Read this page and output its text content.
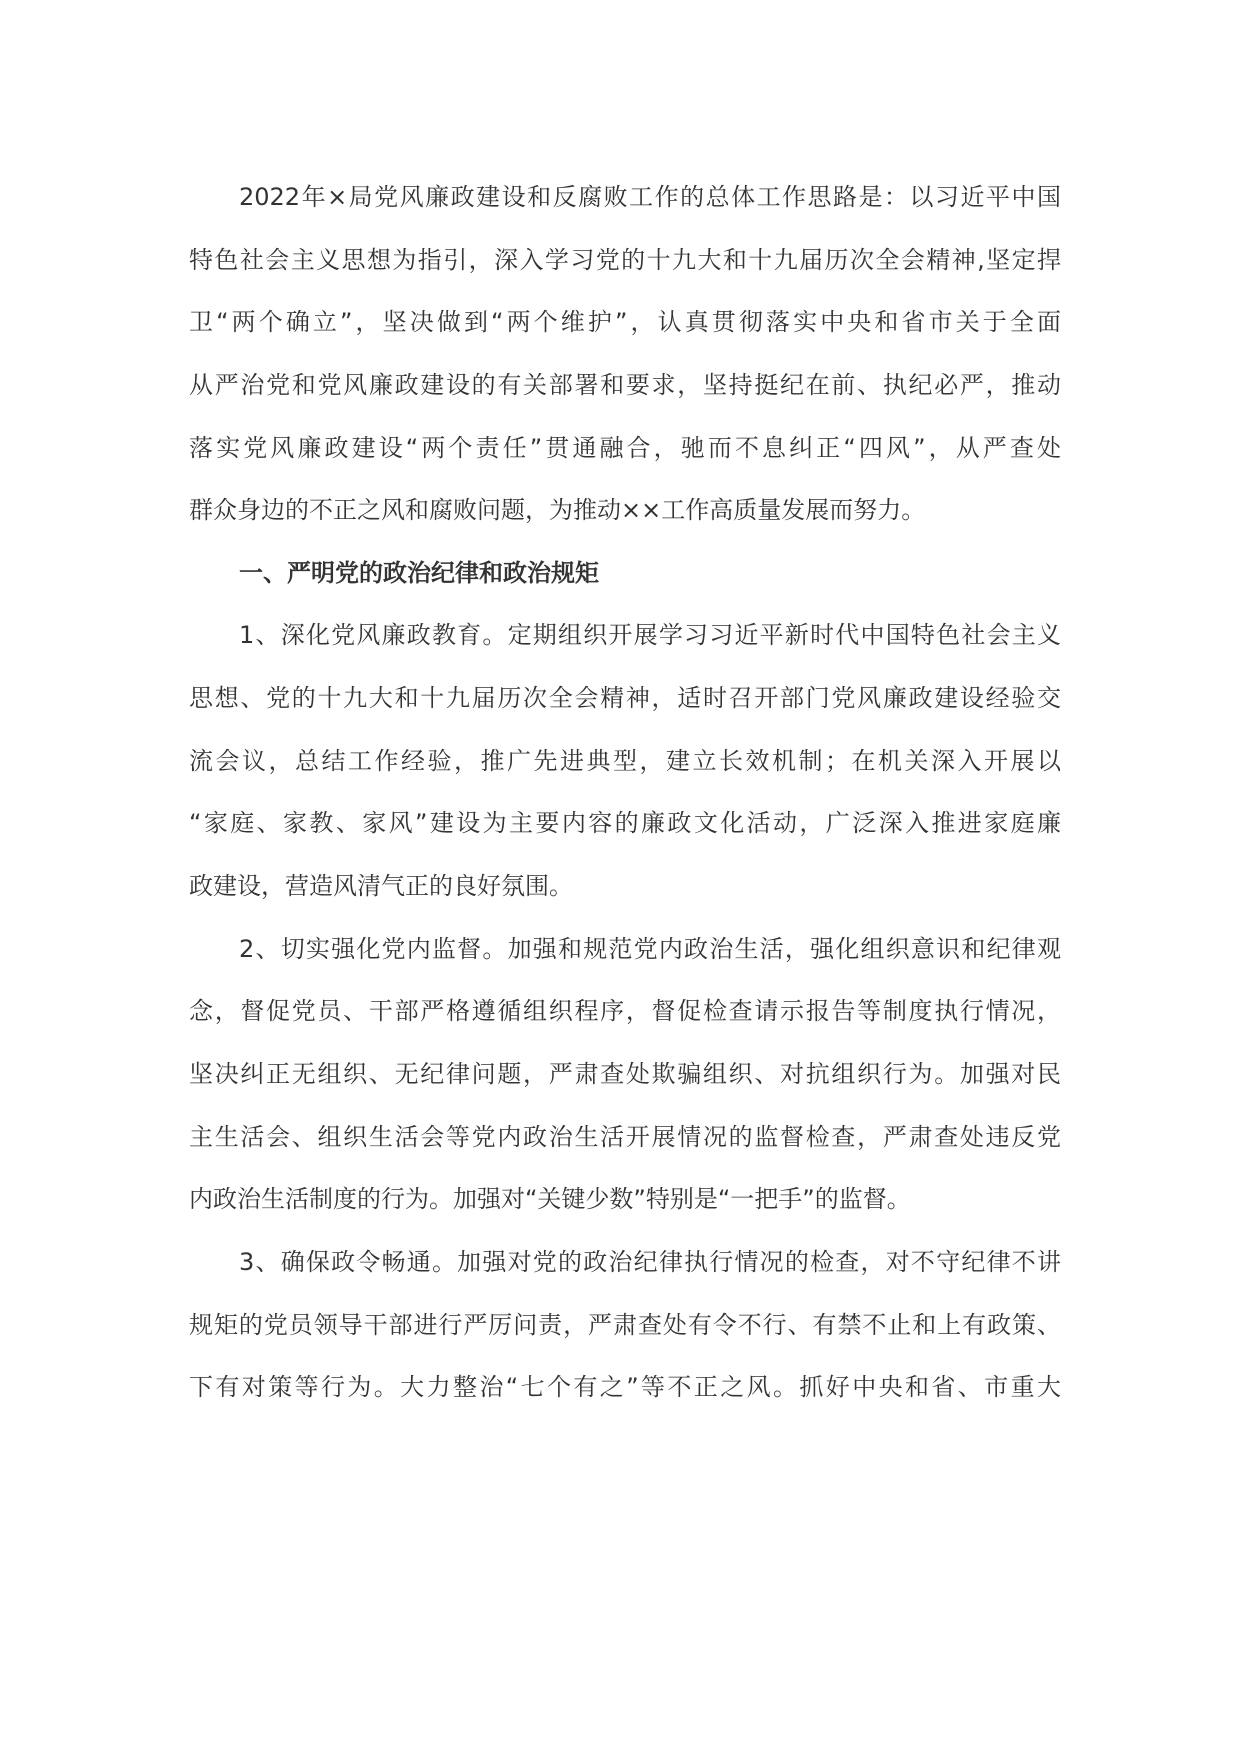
2022年×局党风廉政建设和反腐败工作的总体工作思路是：以习近平中国
特色社会主义思想为指引，深入学习党的十九大和十九届历次全会精神,坚定捍
卫“两个确立”，坚决做到“两个维护”，认真贯彻落实中央和省市关于全面
从严治党和党风廉政建设的有关部署和要求，坚持挺纪在前、执纪必严，推动
落实党风廉政建设“两个责任”贯通融合，驰而不息纠正“四风”，从严查处
群众身边的不正之风和腐败问题，为推动××工作高质量发展而努力。
一、严明党的政治纪律和政治规矩
1、深化党风廉政教育。定期组织开展学习习近平新时代中国特色社会主义
思想、党的十九大和十九届历次全会精神，适时召开部门党风廉政建设经验交
流会议，总结工作经验，推广先进典型，建立长效机制；在机关深入开展以
“家庭、家教、家风”建设为主要内容的廉政文化活动，广泛深入推进家庭廉
政建设，营造风清气正的良好氛围。
2、切实强化党内监督。加强和规范党内政治生活，强化组织意识和纪律观
念，督促党员、干部严格遵循组织程序，督促检查请示报告等制度执行情况，
坚决纠正无组织、无纪律问题，严肃查处欺骗组织、对抗组织行为。加强对民
主生活会、组织生活会等党内政治生活开展情况的监督检查，严肃查处违反党
内政治生活制度的行为。加强对“关键少数”特别是“一把手”的监督。
3、确保政令畅通。加强对党的政治纪律执行情况的检查，对不守纪律不讲
规矩的党员领导干部进行严厉问责，严肃查处有令不行、有禁不止和上有政策、
下有对策等行为。大力整治“七个有之”等不正之风。抓好中央和省、市重大
